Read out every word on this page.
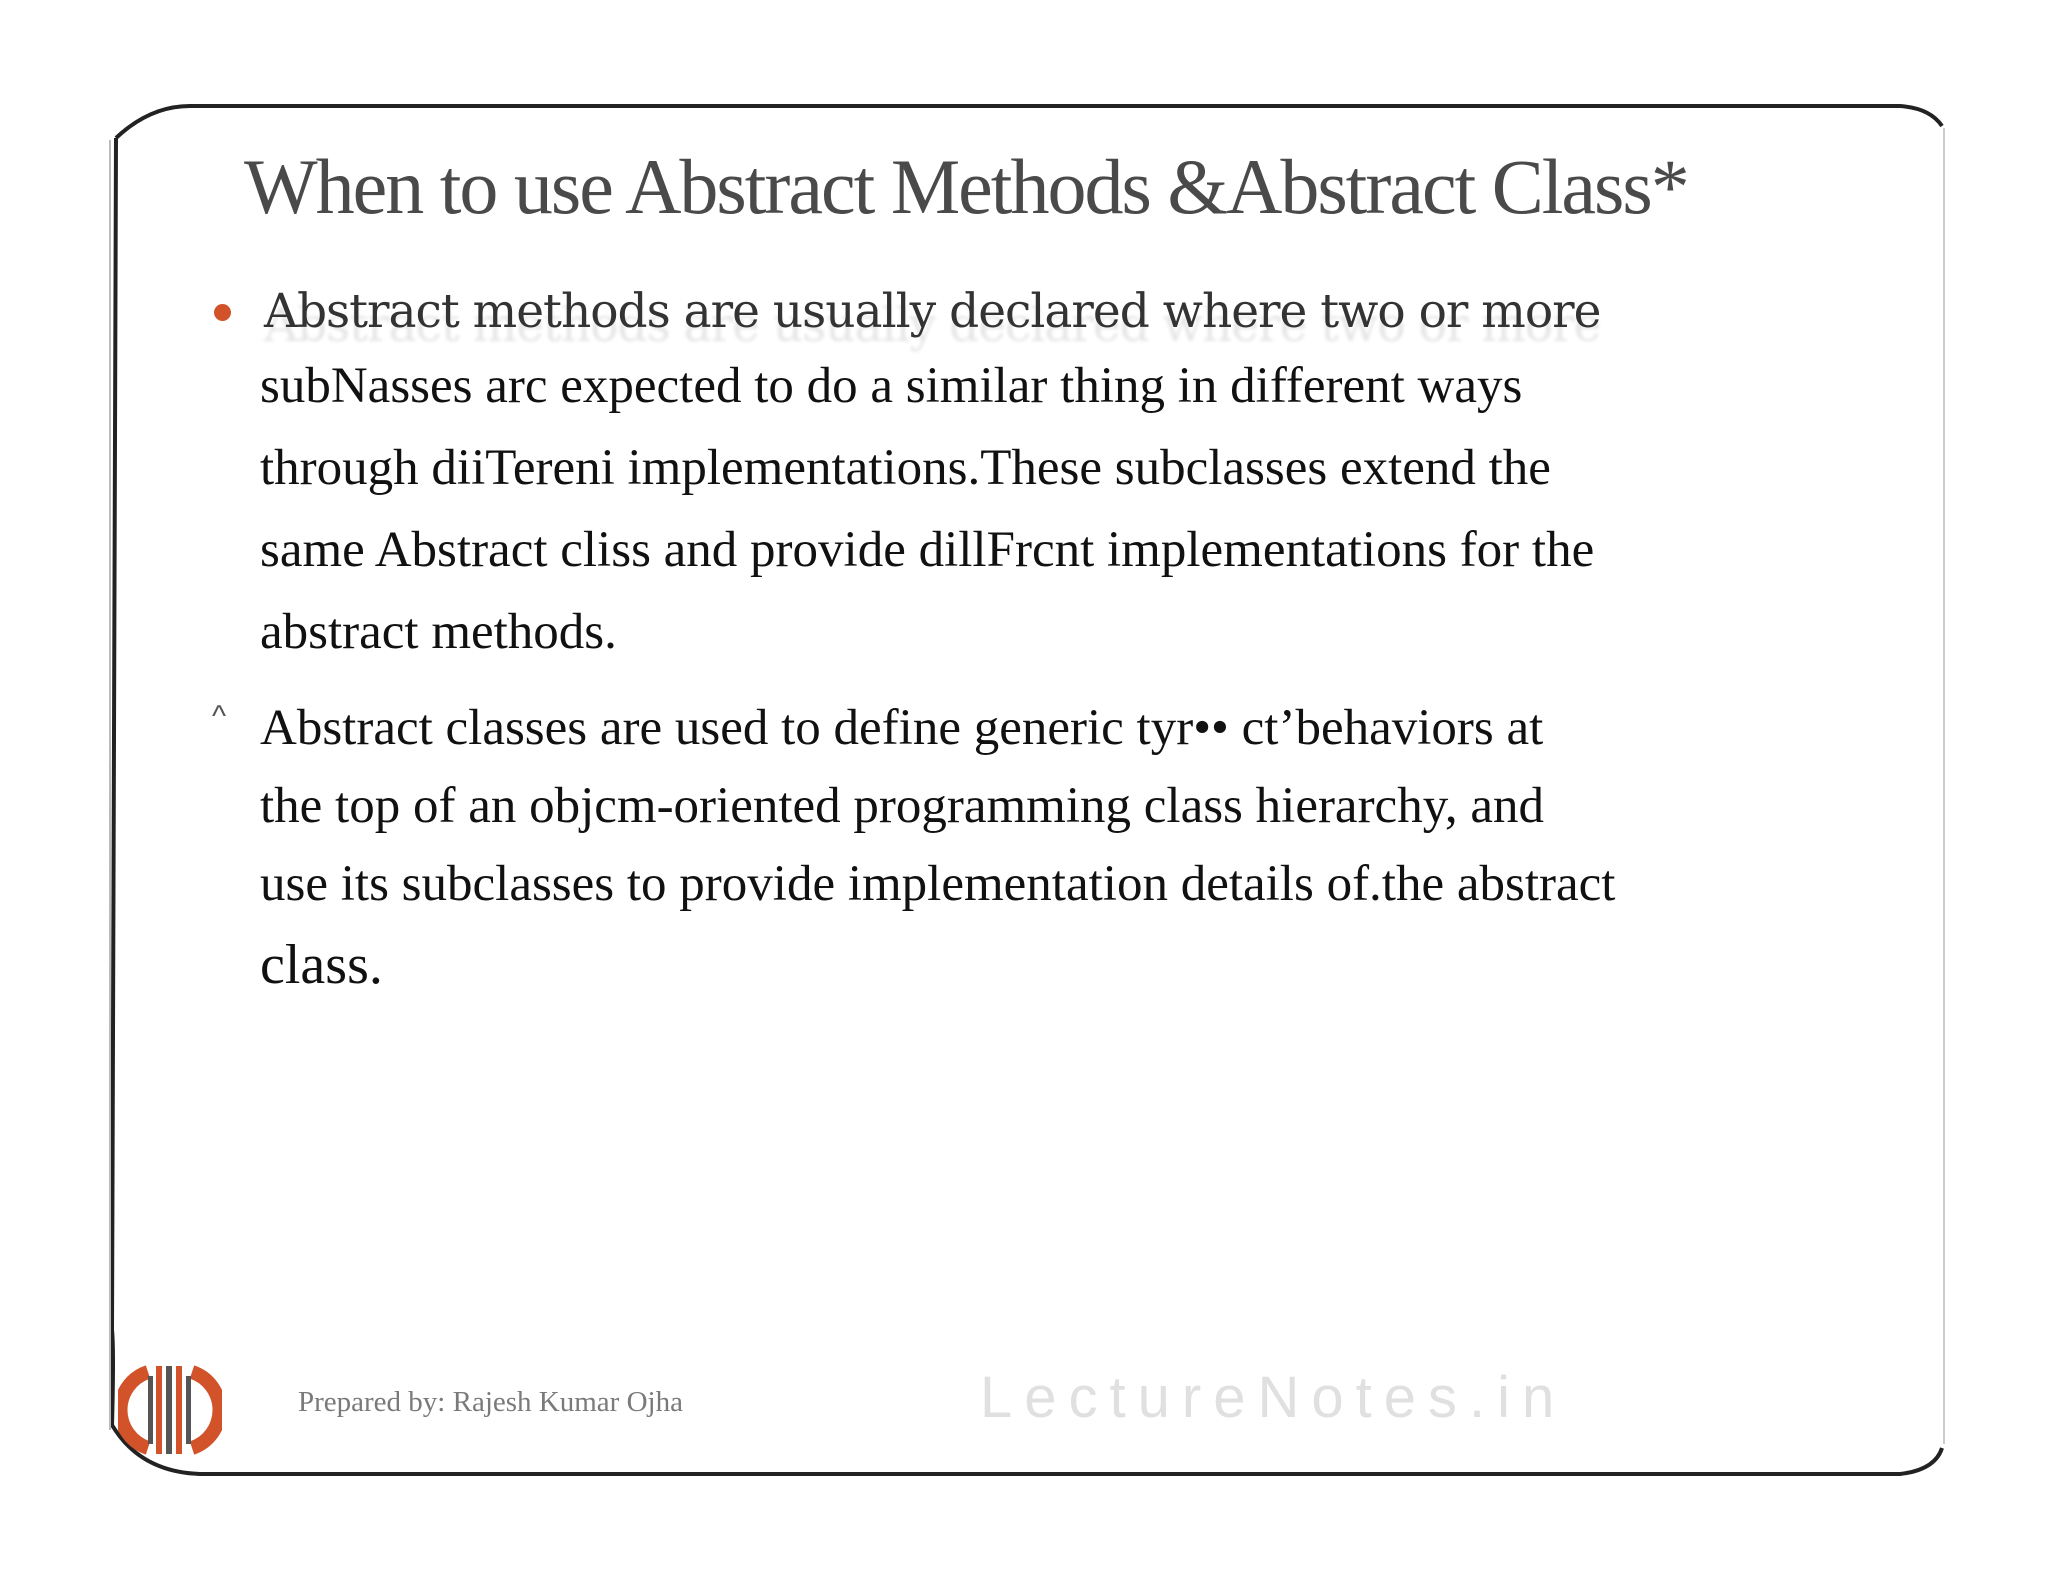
When to use Abstract Methods &Abstract Class*

Abstract methods are usually declared where two or more

subNasses arc expected to do a similar thing in different ways

through diiTereni implementations.These subclasses extend the

same Abstract cliss and provide dillFrcnt implementations for the

abstract methods.

^ Abstract classes are used to define generic tyr•• ct’behaviors at

the top of an objcm-oriented programming class hierarchy, and

use its subclasses to provide implementation details of.the abstract

class.

Prepared by: Rajesh Kumar Ojha	LectureNotes.in
